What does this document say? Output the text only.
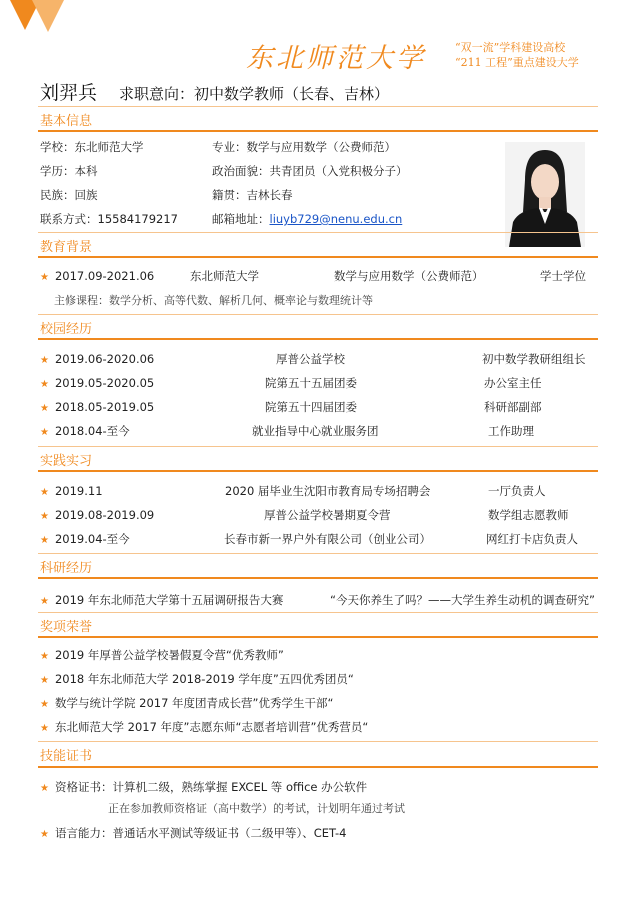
东北师范大学	“双一流”学科建设高校
“211 工程”重点建设大学
刘羿兵 求职意向：初中数学教师（长春、吉林）
基本信息
学校：东北师范大学	专业：数学与应用数学（公费师范）
学历：本科	政治面貌：共青团员（入党积极分子）
民族：回族	籍贯：吉林长春
联系方式：15584179217	邮箱地址：liuyb729@nenu.edu.cn
教育背景
★ 2017.09-2021.06	东北师范大学	数学与应用数学（公费师范）	学士学位
主修课程：数学分析、高等代数、解析几何、概率论与数理统计等
校园经历
★ 2019.06-2020.06	厚普公益学校	初中数学教研组组长
★ 2019.05-2020.05	院第五十五届团委	办公室主任
★ 2018.05-2019.05	院第五十四届团委	科研部副部
★ 2018.04-至今	就业指导中心就业服务团	工作助理
实践实习
★ 2019.11	2020 届毕业生沈阳市教育局专场招聘会	一厅负责人
★ 2019.08-2019.09	厚普公益学校暑期夏令营	数学组志愿教师
★ 2019.04-至今	长春市新一界户外有限公司（创业公司）	网红打卡店负责人
科研经历
★ 2019 年东北师范大学第十五届调研报告大赛	“今天你养生了吗？——大学生养生动机的调查研究”
奖项荣誉
★ 2019 年厚普公益学校暑假夏令营“优秀教师”
★ 2018 年东北师范大学 2018-2019 学年度”五四优秀团员“
★ 数学与统计学院 2017 年度团青成长营”优秀学生干部“
★ 东北师范大学 2017 年度”志愿东师“志愿者培训营”优秀营员“
技能证书
★ 资格证书：计算机二级，熟练掌握 EXCEL 等 office 办公软件
正在参加教师资格证（高中数学）的考试，计划明年通过考试
★ 语言能力：普通话水平测试等级证书（二级甲等）、CET-4
